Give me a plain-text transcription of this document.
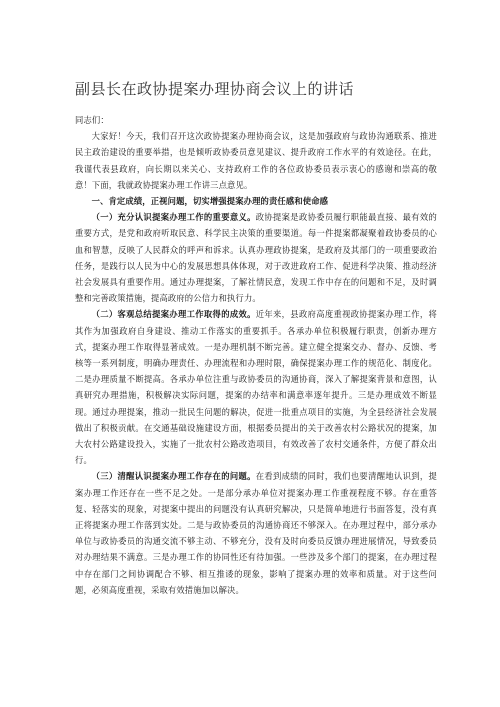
副县长在政协提案办理协商会议上的讲话

同志们：

大家好！今天，我们召开这次政协提案办理协商会议，这是加强政府与政协沟通联系、推进民主政治建设的重要举措，也是倾听政协委员意见建议、提升政府工作水平的有效途径。在此，我谨代表县政府，向长期以来关心、支持政府工作的各位政协委员表示衷心的感谢和崇高的敬意！下面，我就政协提案办理工作讲三点意见。

一、肯定成绩，正视问题，切实增强提案办理的责任感和使命感

（一）充分认识提案办理工作的重要意义。政协提案是政协委员履行职能最直接、最有效的重要方式，是党和政府听取民意、科学民主决策的重要渠道。每一件提案都凝聚着政协委员的心血和智慧，反映了人民群众的呼声和诉求。认真办理政协提案，是政府及其部门的一项重要政治任务，是践行以人民为中心的发展思想具体体现，对于改进政府工作、促进科学决策、推动经济社会发展具有重要作用。通过办理提案，了解社情民意，发现工作中存在的问题和不足，及时调整和完善政策措施，提高政府的公信力和执行力。

（二）客观总结提案办理工作取得的成效。近年来，县政府高度重视政协提案办理工作，将其作为加强政府自身建设、推动工作落实的重要抓手。各承办单位积极履行职责，创新办理方式，提案办理工作取得显著成效。一是办理机制不断完善。建立健全提案交办、督办、反馈、考核等一系列制度，明确办理责任、办理流程和办理时限，确保提案办理工作的规范化、制度化。二是办理质量不断提高。各承办单位注重与政协委员的沟通协商，深入了解提案背景和意图，认真研究办理措施，积极解决实际问题，提案的办结率和满意率逐年提升。三是办理成效不断显现。通过办理提案，推动一批民生问题的解决，促进一批重点项目的实施，为全县经济社会发展做出了积极贡献。在交通基础设施建设方面，根据委员提出的关于改善农村公路状况的提案，加大农村公路建设投入，实施了一批农村公路改造项目，有效改善了农村交通条件，方便了群众出行。

（三）清醒认识提案办理工作存在的问题。在看到成绩的同时，我们也要清醒地认识到，提案办理工作还存在一些不足之处。一是部分承办单位对提案办理工作重视程度不够。存在重答复、轻落实的现象，对提案中提出的问题没有认真研究解决，只是简单地进行书面答复，没有真正将提案办理工作落到实处。二是与政协委员的沟通协商还不够深入。在办理过程中，部分承办单位与政协委员的沟通交流不够主动、不够充分，没有及时向委员反馈办理进展情况，导致委员对办理结果不满意。三是办理工作的协同性还有待加强。一些涉及多个部门的提案，在办理过程中存在部门之间协调配合不够、相互推诿的现象，影响了提案办理的效率和质量。对于这些问题，必须高度重视，采取有效措施加以解决。
